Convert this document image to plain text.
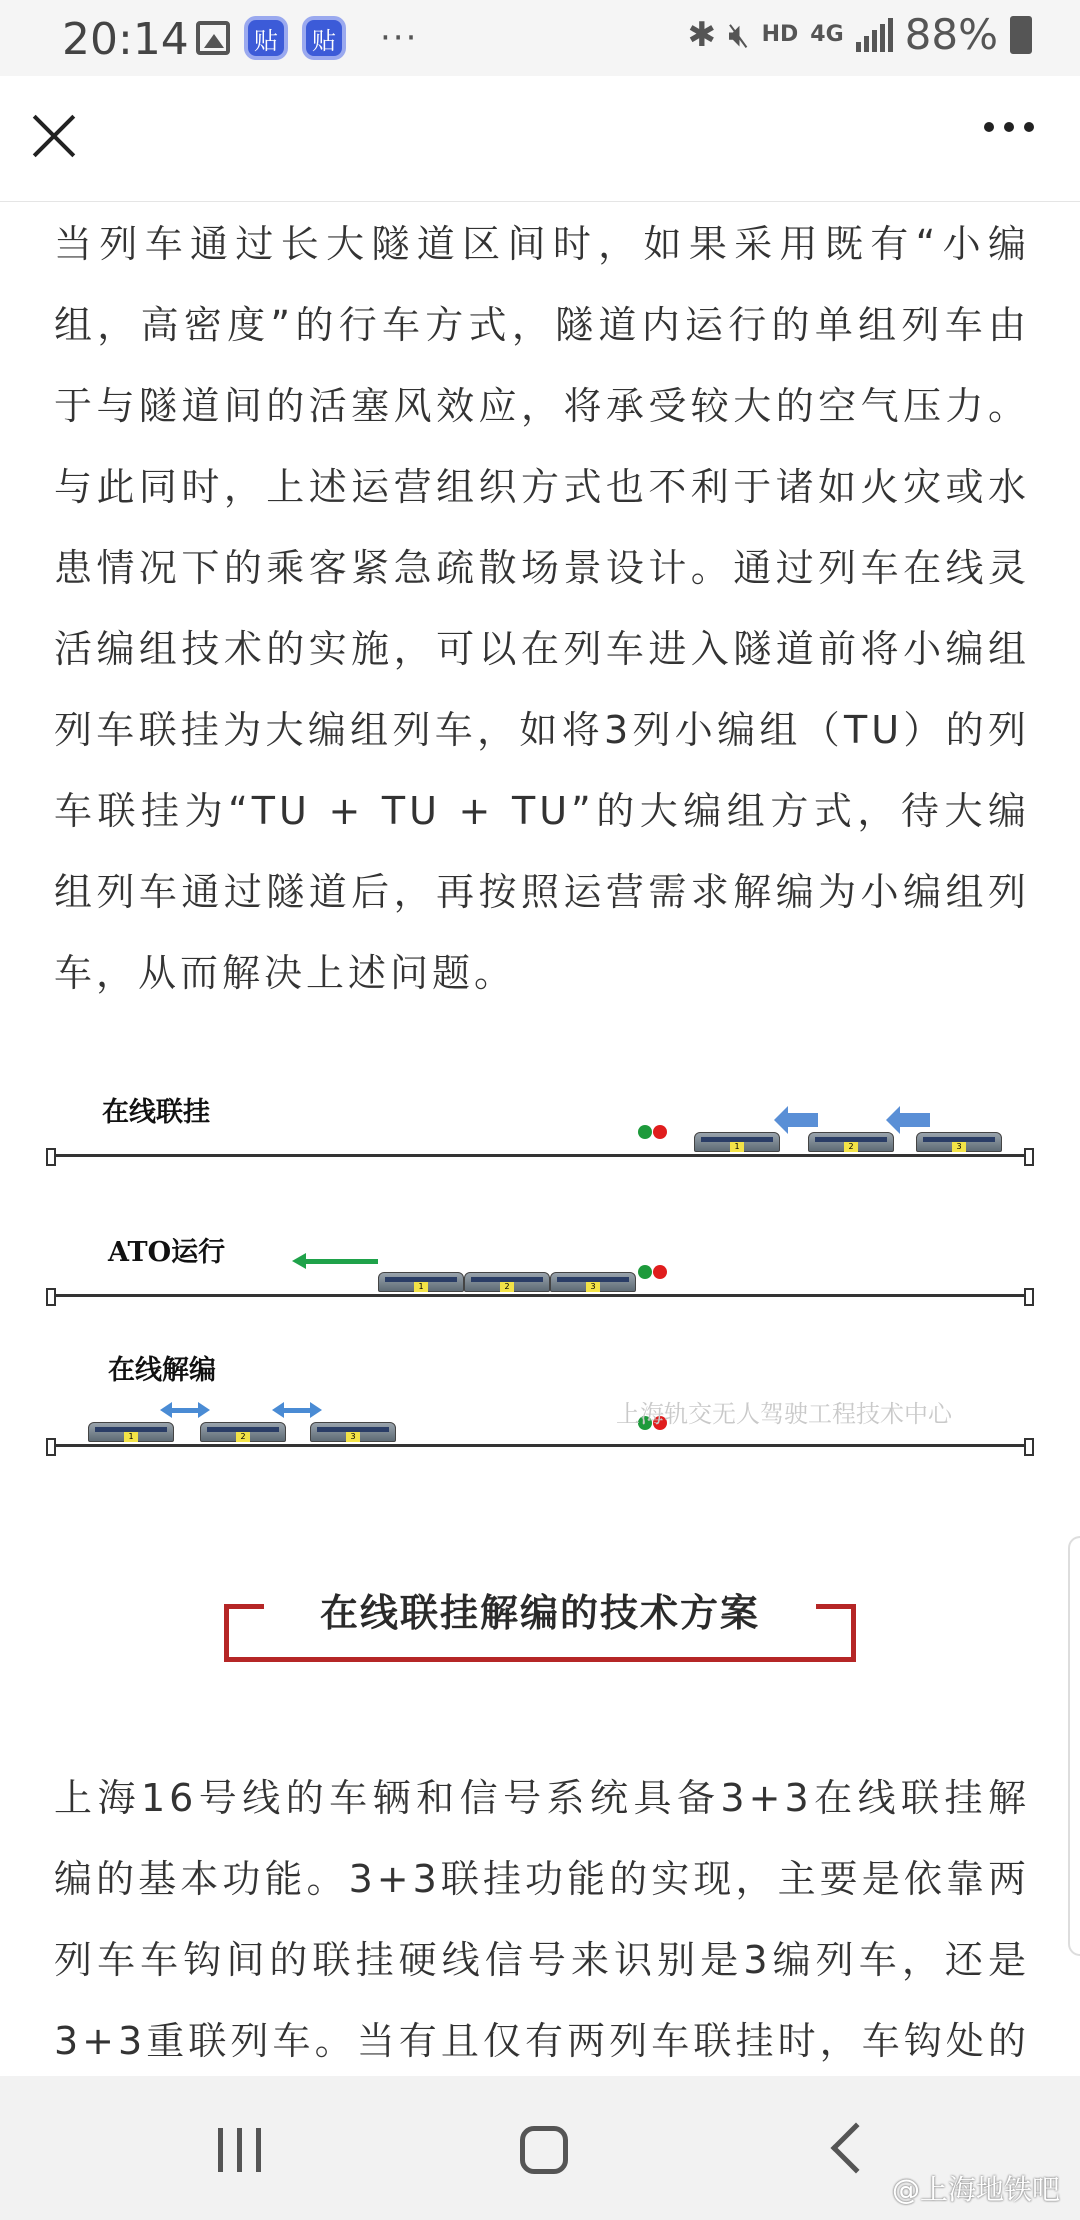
20:14	贴	贴 ···	✱ 🔇︎ HD 4G 88%

当列车通过长大隧道区间时，如果采用既有“小编组，高密度”的行车方式，隧道内运行的单组列车由于与隧道间的活塞风效应，将承受较大的空气压力。与此同时，上述运营组织方式也不利于诸如火灾或水患情况下的乘客紧急疏散场景设计。通过列车在线灵活编组技术的实施，可以在列车进入隧道前将小编组列车联挂为大编组列车，如将3列小编组（TU）的列车联挂为“TU + TU + TU”的大编组方式，待大编组列车通过隧道后，再按照运营需求解编为小编组列车，从而解决上述问题。

在线联挂
1	2	3
ATO运行
1	2	3
在线解编
1	2	3
上海轨交无人驾驶工程技术中心
在线联挂解编的技术方案

上海16号线的车辆和信号系统具备3+3在线联挂解编的基本功能。3+3联挂功能的实现，主要是依靠两列车车钩间的联挂硬线信号来识别是3编列车，还是3+3重联列车。当有且仅有两列车联挂时，车钩处的

@上海地铁吧
